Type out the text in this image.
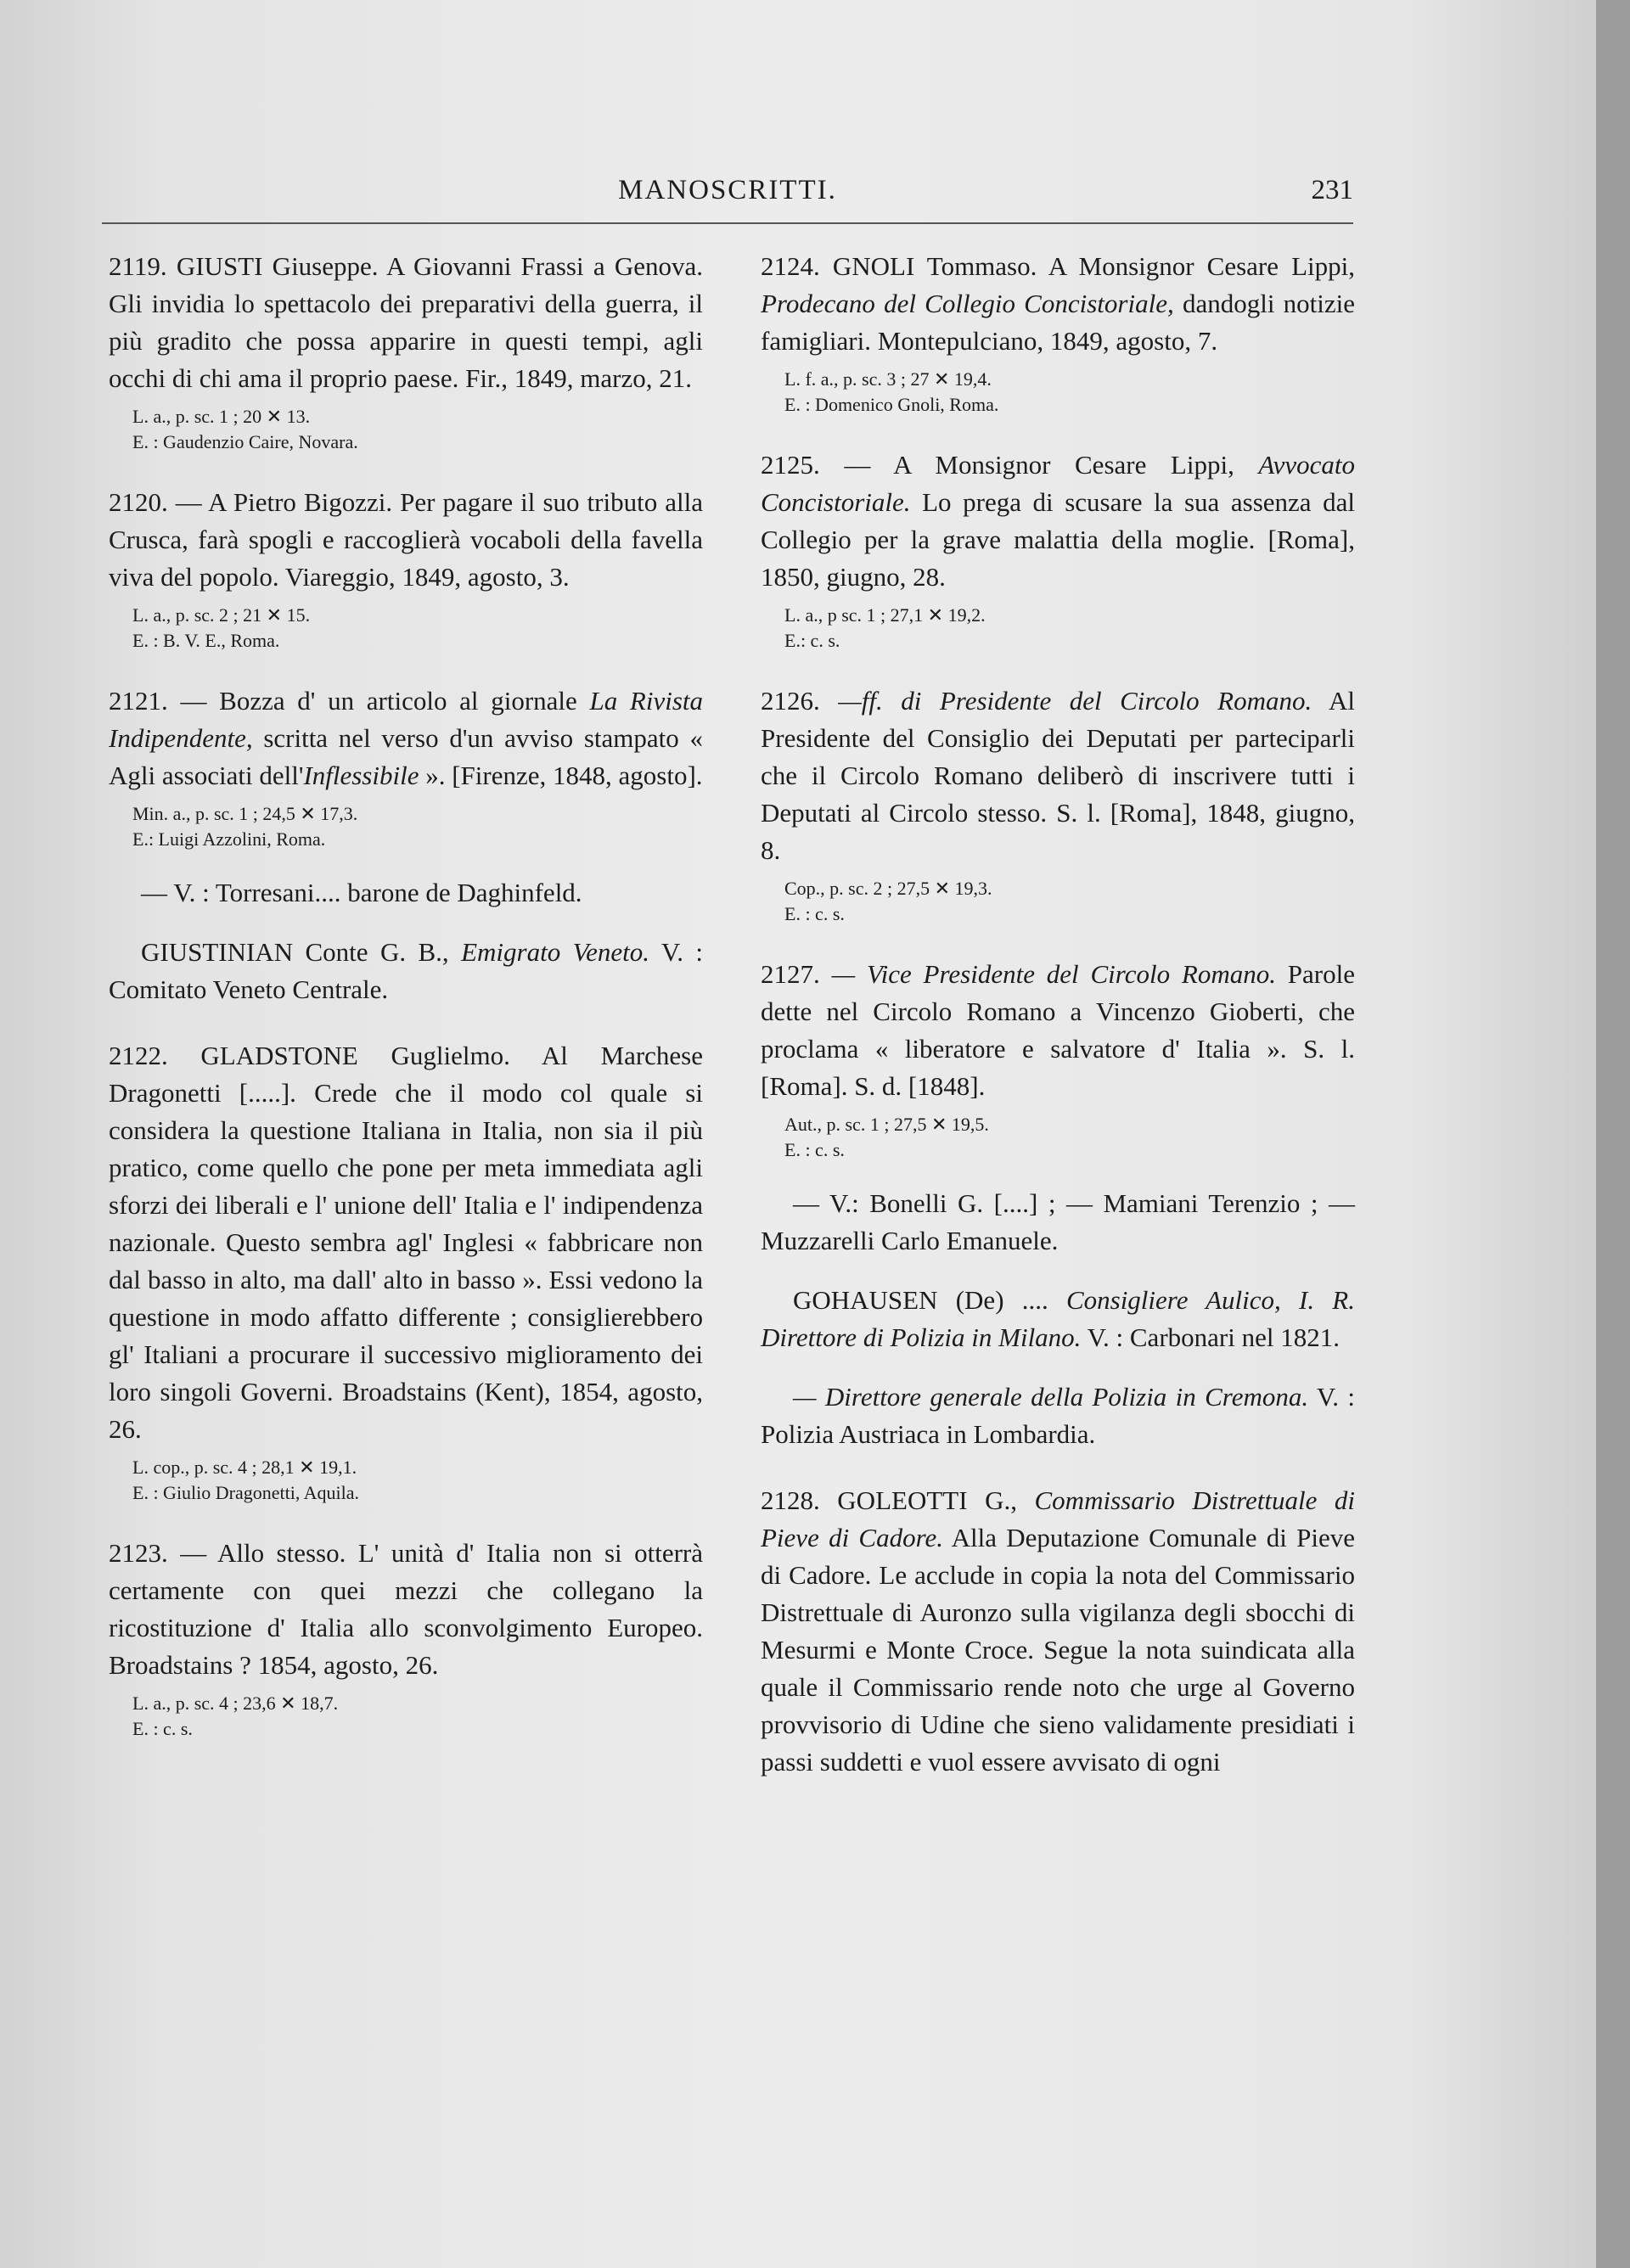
MANOSCRITTI.	231

2119. GIUSTI Giuseppe. A Giovanni Frassi a Genova. Gli invidia lo spettacolo dei preparativi della guerra, il più gradito che possa apparire in questi tempi, agli occhi di chi ama il proprio paese. Fir., 1849, marzo, 21.

L. a., p. sc. 1 ; 20 ✕ 13.
E. : Gaudenzio Caire, Novara.

2120. — A Pietro Bigozzi. Per pagare il suo tributo alla Crusca, farà spogli e raccoglierà vocaboli della favella viva del popolo. Viareggio, 1849, agosto, 3.

L. a., p. sc. 2 ; 21 ✕ 15.
E. : B. V. E., Roma.

2121. — Bozza d' un articolo al giornale La Rivista Indipendente, scritta nel verso d'un avviso stampato « Agli associati dell'Inflessibile ». [Firenze, 1848, agosto].

Min. a., p. sc. 1 ; 24,5 ✕ 17,3.
E.: Luigi Azzolini, Roma.

— V. : Torresani.... barone de Daghinfeld.

GIUSTINIAN Conte G. B., Emigrato Veneto. V. : Comitato Veneto Centrale.

2122. GLADSTONE Guglielmo. Al Marchese Dragonetti [.....]. Crede che il modo col quale si considera la questione Italiana in Italia, non sia il più pratico, come quello che pone per meta immediata agli sforzi dei liberali e l' unione dell' Italia e l' indipendenza nazionale. Questo sembra agl' Inglesi « fabbricare non dal basso in alto, ma dall' alto in basso ». Essi vedono la questione in modo affatto differente ; consiglierebbero gl' Italiani a procurare il successivo miglioramento dei loro singoli Governi. Broadstains (Kent), 1854, agosto, 26.

L. cop., p. sc. 4 ; 28,1 ✕ 19,1.
E. : Giulio Dragonetti, Aquila.

2123. — Allo stesso. L' unità d' Italia non si otterrà certamente con quei mezzi che collegano la ricostituzione d' Italia allo sconvolgimento Europeo. Broadstains ? 1854, agosto, 26.

L. a., p. sc. 4 ; 23,6 ✕ 18,7.
E. : c. s.

2124. GNOLI Tommaso. A Monsignor Cesare Lippi, Prodecano del Collegio Concistoriale, dandogli notizie famigliari. Montepulciano, 1849, agosto, 7.

L. f. a., p. sc. 3 ; 27 ✕ 19,4.
E. : Domenico Gnoli, Roma.

2125. — A Monsignor Cesare Lippi, Avvocato Concistoriale. Lo prega di scusare la sua assenza dal Collegio per la grave malattia della moglie. [Roma], 1850, giugno, 28.

L. a., p sc. 1 ; 27,1 ✕ 19,2.
E.: c. s.

2126. —ff. di Presidente del Circolo Romano. Al Presidente del Consiglio dei Deputati per parteciparli che il Circolo Romano deliberò di inscrivere tutti i Deputati al Circolo stesso. S. l. [Roma], 1848, giugno, 8.

Cop., p. sc. 2 ; 27,5 ✕ 19,3.
E. : c. s.

2127. — Vice Presidente del Circolo Romano. Parole dette nel Circolo Romano a Vincenzo Gioberti, che proclama « liberatore e salvatore d' Italia ». S. l. [Roma]. S. d. [1848].

Aut., p. sc. 1 ; 27,5 ✕ 19,5.
E. : c. s.

— V.: Bonelli G. [....] ; — Mamiani Terenzio ; — Muzzarelli Carlo Emanuele.

GOHAUSEN (De) .... Consigliere Aulico, I. R. Direttore di Polizia in Milano. V. : Carbonari nel 1821.

— Direttore generale della Polizia in Cremona. V. : Polizia Austriaca in Lombardia.

2128. GOLEOTTI G., Commissario Distrettuale di Pieve di Cadore. Alla Deputazione Comunale di Pieve di Cadore. Le acclude in copia la nota del Commissario Distrettuale di Auronzo sulla vigilanza degli sbocchi di Mesurmi e Monte Croce. Segue la nota suindicata alla quale il Commissario rende noto che urge al Governo provvisorio di Udine che sieno validamente presidiati i passi suddetti e vuol essere avvisato di ogni
